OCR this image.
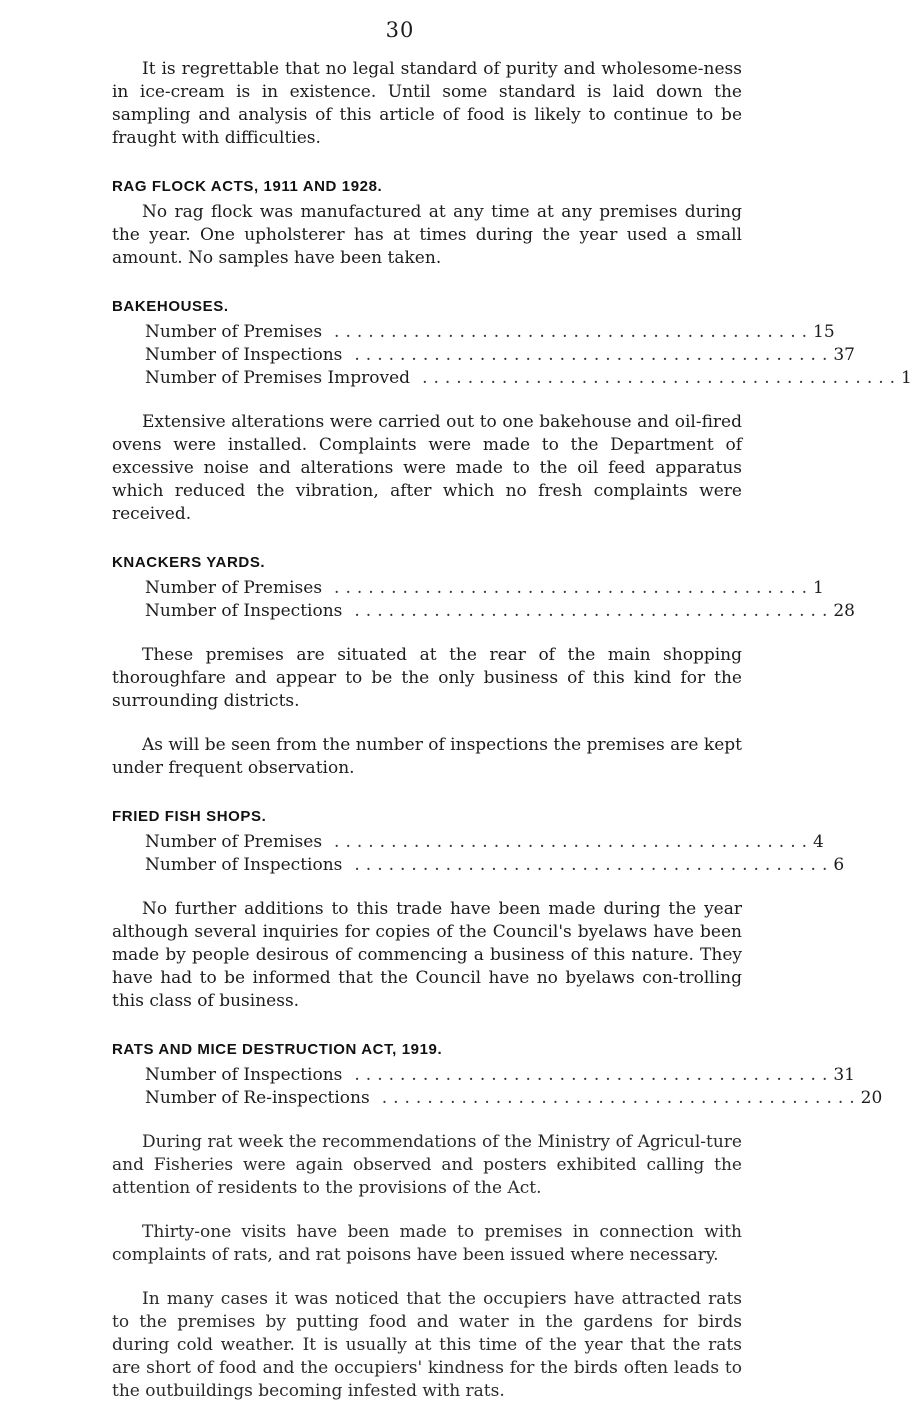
30

It is regrettable that no legal standard of purity and wholesome-ness in ice-cream is in existence. Until some standard is laid down the sampling and analysis of this article of food is likely to continue to be fraught with difficulties.

RAG FLOCK ACTS, 1911 AND 1928.

No rag flock was manufactured at any time at any premises during the year. One upholsterer has at times during the year used a small amount. No samples have been taken.

BAKEHOUSES.
Number of Premises .......................................... 15
Number of Inspections .......................................... 37
Number of Premises Improved .......................................... 1

Extensive alterations were carried out to one bakehouse and oil-fired ovens were installed. Complaints were made to the Department of excessive noise and alterations were made to the oil feed apparatus which reduced the vibration, after which no fresh complaints were received.

KNACKERS YARDS.
Number of Premises .......................................... 1
Number of Inspections .......................................... 28

These premises are situated at the rear of the main shopping thoroughfare and appear to be the only business of this kind for the surrounding districts.

As will be seen from the number of inspections the premises are kept under frequent observation.

FRIED FISH SHOPS.
Number of Premises .......................................... 4
Number of Inspections .......................................... 6

No further additions to this trade have been made during the year although several inquiries for copies of the Council's byelaws have been made by people desirous of commencing a business of this nature. They have had to be informed that the Council have no byelaws con-trolling this class of business.

RATS AND MICE DESTRUCTION ACT, 1919.
Number of Inspections .......................................... 31
Number of Re-inspections .......................................... 20

During rat week the recommendations of the Ministry of Agricul-ture and Fisheries were again observed and posters exhibited calling the attention of residents to the provisions of the Act.

Thirty-one visits have been made to premises in connection with complaints of rats, and rat poisons have been issued where necessary.

In many cases it was noticed that the occupiers have attracted rats to the premises by putting food and water in the gardens for birds during cold weather. It is usually at this time of the year that the rats are short of food and the occupiers' kindness for the birds often leads to the outbuildings becoming infested with rats.
